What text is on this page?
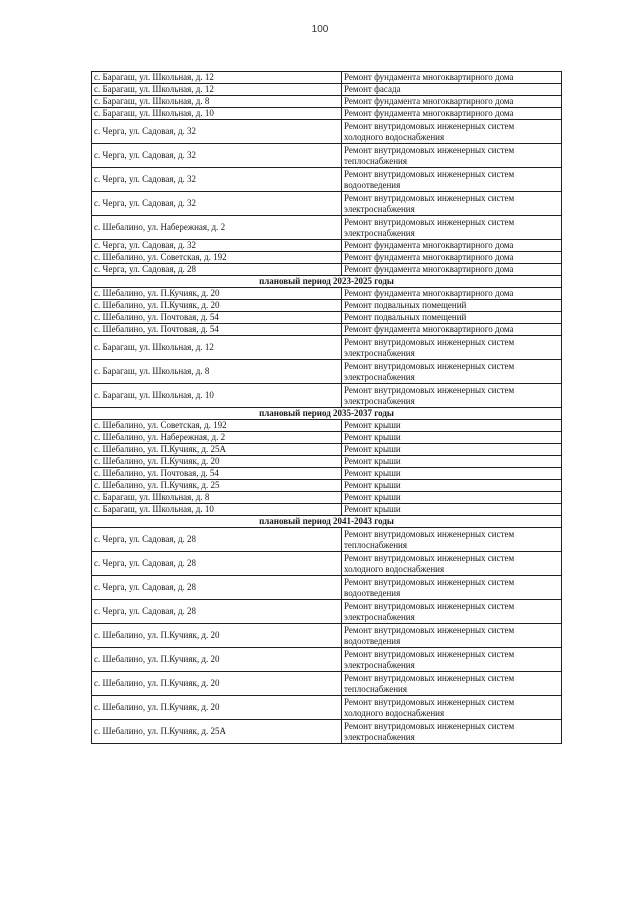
100
с. Барагаш, ул. Школьная, д. 12	Ремонт фундамента многоквартирного дома

с. Барагаш, ул. Школьная, д. 12	Ремонт фасада

с. Барагаш, ул. Школьная, д. 8	Ремонт фундамента многоквартирного дома

с. Барагаш, ул. Школьная, д. 10	Ремонт фундамента многоквартирного дома

с. Черга, ул. Садовая, д. 32	Ремонт внутридомовых инженерных систем
холодного водоснабжения

с. Черга, ул. Садовая, д. 32	Ремонт внутридомовых инженерных систем
теплоснабжения

с. Черга, ул. Садовая, д. 32	Ремонт внутридомовых инженерных систем
водоотведения

с. Черга, ул. Садовая, д. 32	Ремонт внутридомовых инженерных систем
электроснабжения

с. Шебалино, ул. Набережная, д. 2	Ремонт внутридомовых инженерных систем
электроснабжения

с. Черга, ул. Садовая, д. 32	Ремонт фундамента многоквартирного дома

с. Шебалино, ул. Советская, д. 192	Ремонт фундамента многоквартирного дома

с. Черга, ул. Садовая, д. 28	Ремонт фундамента многоквартирного дома

плановый период 2023-2025 годы	
с. Шебалино, ул. П.Кучияк, д. 20	Ремонт фундамента многоквартирного дома

с. Шебалино, ул. П.Кучияк, д. 20	Ремонт подвальных помещений

с. Шебалино, ул. Почтовая, д. 54	Ремонт подвальных помещений

с. Шебалино, ул. Почтовая, д. 54	Ремонт фундамента многоквартирного дома

с. Барагаш, ул. Школьная, д. 12	Ремонт внутридомовых инженерных систем
электроснабжения

с. Барагаш, ул. Школьная, д. 8	Ремонт внутридомовых инженерных систем
электроснабжения

с. Барагаш, ул. Школьная, д. 10	Ремонт внутридомовых инженерных систем
электроснабжения

плановый период 2035-2037 годы	
с. Шебалино, ул. Советская, д. 192	Ремонт крыши

с. Шебалино, ул. Набережная, д. 2	Ремонт крыши

с. Шебалино, ул. П.Кучияк, д. 25А	Ремонт крыши

с. Шебалино, ул. П.Кучияк, д. 20	Ремонт крыши

с. Шебалино, ул. Почтовая, д. 54	Ремонт крыши

с. Шебалино, ул. П.Кучияк, д. 25	Ремонт крыши

с. Барагаш, ул. Школьная, д. 8	Ремонт крыши

с. Барагаш, ул. Школьная, д. 10	Ремонт крыши

плановый период 2041-2043 годы	
с. Черга, ул. Садовая, д. 28	Ремонт внутридомовых инженерных систем
теплоснабжения

с. Черга, ул. Садовая, д. 28	Ремонт внутридомовых инженерных систем
холодного водоснабжения

с. Черга, ул. Садовая, д. 28	Ремонт внутридомовых инженерных систем
водоотведения

с. Черга, ул. Садовая, д. 28	Ремонт внутридомовых инженерных систем
электроснабжения

с. Шебалино, ул. П.Кучияк, д. 20	Ремонт внутридомовых инженерных систем
водоотведения

с. Шебалино, ул. П.Кучияк, д. 20	Ремонт внутридомовых инженерных систем
электроснабжения

с. Шебалино, ул. П.Кучияк, д. 20	Ремонт внутридомовых инженерных систем
теплоснабжения

с. Шебалино, ул. П.Кучияк, д. 20	Ремонт внутридомовых инженерных систем
холодного водоснабжения

с. Шебалино, ул. П.Кучияк, д. 25А	Ремонт внутридомовых инженерных систем
электроснабжения
